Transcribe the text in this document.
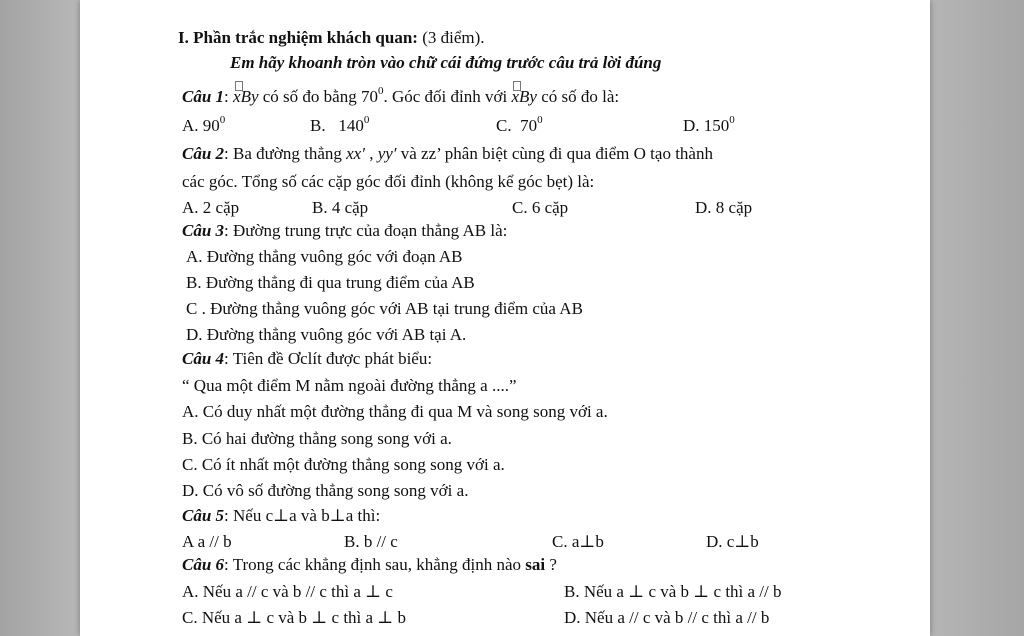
I. Phần trắc nghiệm khách quan: (3 điểm).
Em hãy khoanh tròn vào chữ cái đứng trước câu trả lời đúng
Câu 1:
xBy có số đo bằng $70^0$. Góc đối đỉnh với
xBy có số đo là:
A. $90^0$	B. $140^0$	C. $70^0$	D. $150^0$
Câu 2: Ba đường thẳng xx′ , yy′ và zz’ phân biệt cùng đi qua điểm O tạo thành
các góc. Tổng số các cặp góc đối đỉnh (không kể góc bẹt) là:
A. 2 cặp	B. 4 cặp	C. 6 cặp	D. 8 cặp
Câu 3: Đường trung trực của đoạn thẳng AB là:
A. Đường thẳng vuông góc với đoạn AB
B. Đường thẳng đi qua trung điểm của AB
C . Đường thẳng vuông góc với AB tại trung điểm của AB
D. Đường thẳng vuông góc với AB tại A.
Câu 4: Tiên đề Ơclít được phát biểu:
“ Qua một điểm M nằm ngoài đường thẳng a ....”
A. Có duy nhất một đường thẳng đi qua M và song song với a.
B. Có hai đường thẳng song song với a.
C. Có ít nhất một đường thẳng song song với a.
D. Có vô số đường thẳng song song với a.
Câu 5: Nếu c⊥a và b⊥a thì:
A a // b	B. b // c	C. a⊥b	D. c⊥b
Câu 6: Trong các khẳng định sau, khẳng định nào sai ?
A. Nếu a // c và b // c thì a ⊥ c	B. Nếu a ⊥ c và b ⊥ c thì a // b
C. Nếu a ⊥ c và b ⊥ c thì a ⊥ b	D. Nếu a // c và b // c thì a // b
